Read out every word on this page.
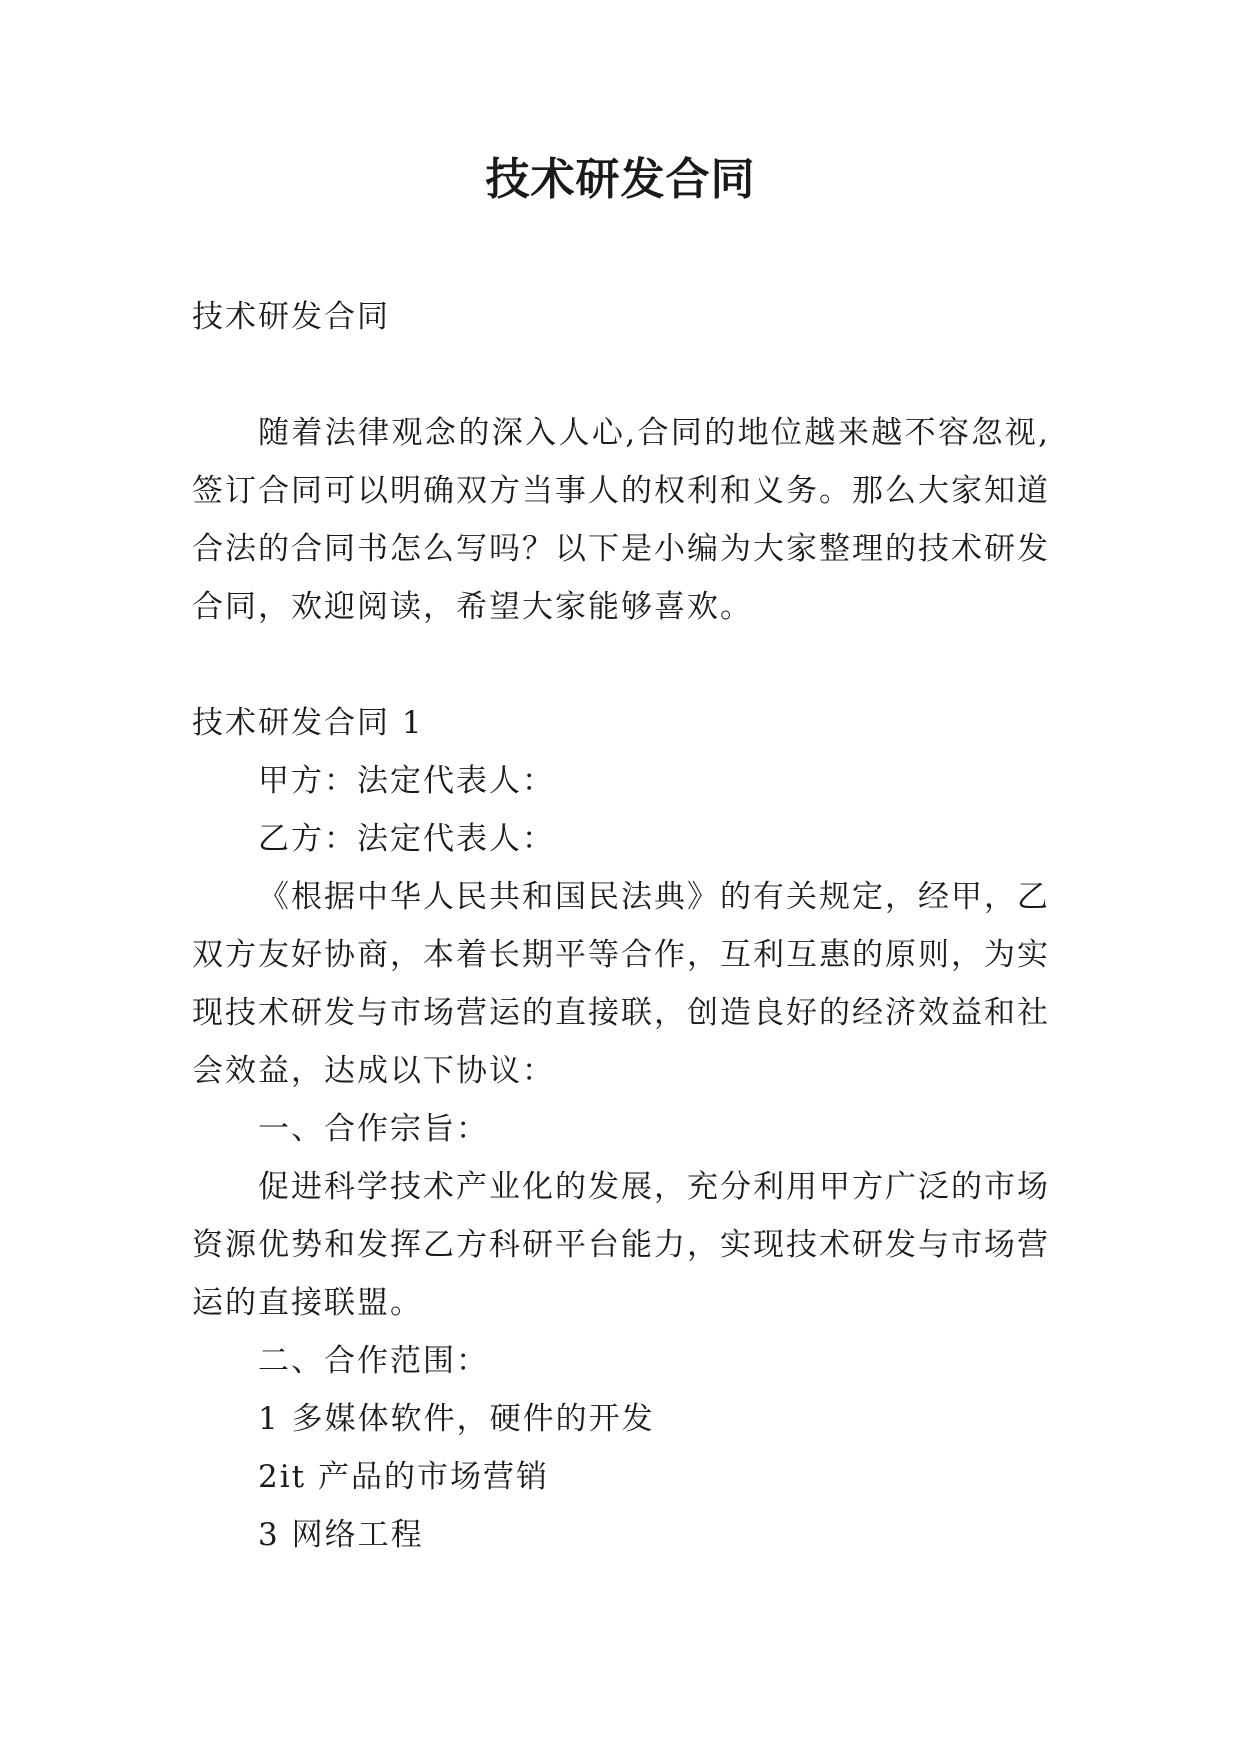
技术研发合同

技术研发合同

随着法律观念的深入人心,合同的地位越来越不容忽视,签订合同可以明确双方当事人的权利和义务。那么大家知道合法的合同书怎么写吗？以下是小编为大家整理的技术研发合同，欢迎阅读，希望大家能够喜欢。

技术研发合同 1

甲方：法定代表人：

乙方：法定代表人：

《根据中华人民共和国民法典》的有关规定，经甲，乙双方友好协商，本着长期平等合作，互利互惠的原则，为实现技术研发与市场营运的直接联，创造良好的经济效益和社会效益，达成以下协议：

一、合作宗旨：

促进科学技术产业化的发展，充分利用甲方广泛的市场资源优势和发挥乙方科研平台能力，实现技术研发与市场营运的直接联盟。

二、合作范围：

1 多媒体软件，硬件的开发

2it 产品的市场营销

3 网络工程
